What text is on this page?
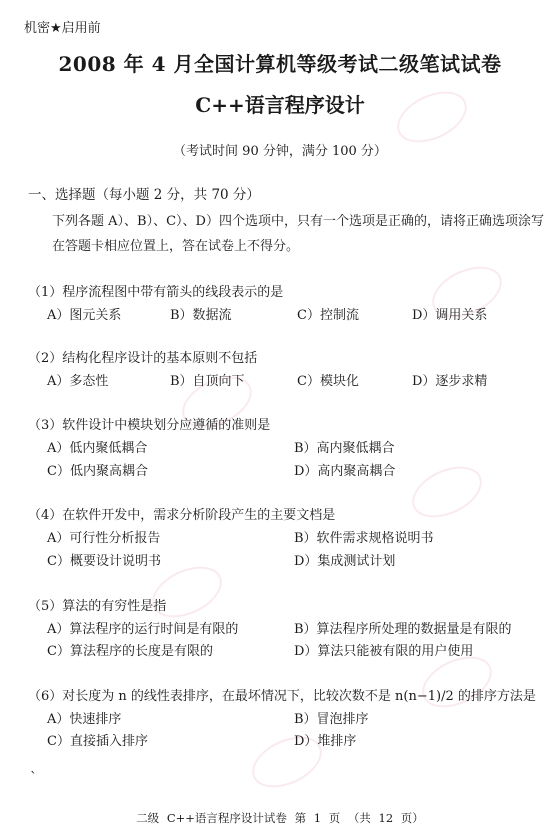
机密★启用前
2008 年 4 月全国计算机等级考试二级笔试试卷
C++语言程序设计
（考试时间 90 分钟，满分 100 分）
一、选择题（每小题 2 分，共 70 分）
下列各题 A）、B）、C）、D）四个选项中，只有一个选项是正确的，请将正确选项涂写
在答题卡相应位置上，答在试卷上不得分。
（1）程序流程图中带有箭头的线段表示的是
A）图元关系	B）数据流	C）控制流	D）调用关系
（2）结构化程序设计的基本原则不包括
A）多态性	B）自顶向下	C）模块化	D）逐步求精
（3）软件设计中模块划分应遵循的准则是
A）低内聚低耦合	B）高内聚低耦合
C）低内聚高耦合	D）高内聚高耦合
（4）在软件开发中，需求分析阶段产生的主要文档是
A）可行性分析报告	B）软件需求规格说明书
C）概要设计说明书	D）集成测试计划
（5）算法的有穷性是指
A）算法程序的运行时间是有限的	B）算法程序所处理的数据量是有限的
C）算法程序的长度是有限的	D）算法只能被有限的用户使用
（6）对长度为 n 的线性表排序，在最坏情况下，比较次数不是 n(n−1)/2 的排序方法是
A）快速排序	B）冒泡排序
C）直接插入排序	D）堆排序
ˋ
二级 C++语言程序设计试卷 第 1 页 （共 12 页）
